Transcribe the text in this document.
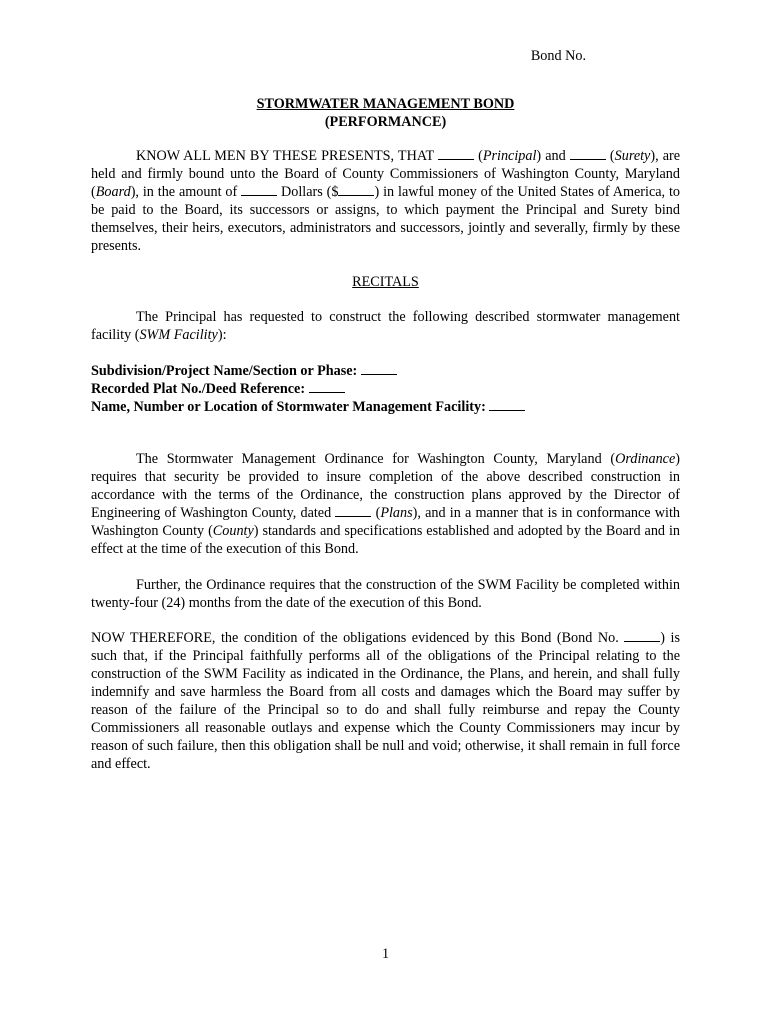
Bond No.
STORMWATER MANAGEMENT BOND
(PERFORMANCE)

KNOW ALL MEN BY THESE PRESENTS, THAT	(Principal) and	(Surety), are held and firmly bound unto the Board of County Commissioners of Washington County, Maryland (Board), in the amount of	Dollars ($	) in lawful money of the United States of America, to be paid to the Board, its successors or assigns, to which payment the Principal and Surety bind themselves, their heirs, executors, administrators and successors, jointly and severally, firmly by these presents.

RECITALS

The Principal has requested to construct the following described stormwater management facility (SWM Facility):

Subdivision/Project Name/Section or Phase:
Recorded Plat No./Deed Reference:
Name, Number or Location of Stormwater Management Facility:

The Stormwater Management Ordinance for Washington County, Maryland (Ordinance) requires that security be provided to insure completion of the above described construction in accordance with the terms of the Ordinance, the construction plans approved by the Director of Engineering of Washington County, dated	(Plans), and in a manner that is in conformance with Washington County (County) standards and specifications established and adopted by the Board and in effect at the time of the execution of this Bond.

Further, the Ordinance requires that the construction of the SWM Facility be completed within twenty-four (24) months from the date of the execution of this Bond.

NOW THEREFORE, the condition of the obligations evidenced by this Bond (Bond No.	) is such that, if the Principal faithfully performs all of the obligations of the Principal relating to the construction of the SWM Facility as indicated in the Ordinance, the Plans, and herein, and shall fully indemnify and save harmless the Board from all costs and damages which the Board may suffer by reason of the failure of the Principal so to do and shall fully reimburse and repay the County Commissioners all reasonable outlays and expense which the County Commissioners may incur by reason of such failure, then this obligation shall be null and void; otherwise, it shall remain in full force and effect.

1
